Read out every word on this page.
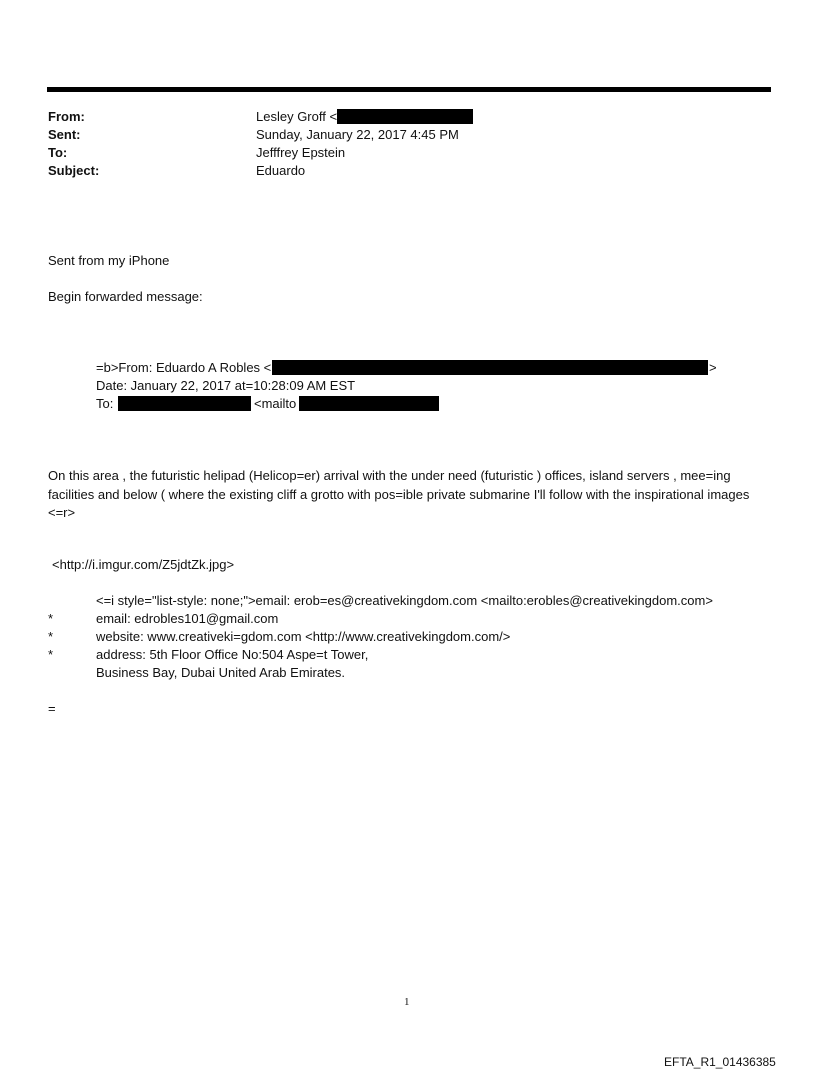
From:	Lesley Groff <
Sent:	Sunday, January 22, 2017 4:45 PM
To:	Jefffrey Epstein
Subject:	Eduardo
Sent from my iPhone
Begin forwarded message:
=b>From: Eduardo A Robles <	>
Date: January 22, 2017 at=10:28:09 AM EST
To:	<mailto
On this area , the futuristic helipad (Helicop=er) arrival with the under need (futuristic ) offices, island servers , mee=ing facilities and below ( where the existing cliff a grotto with pos=ible private submarine I'll follow with the inspirational images <=r>
<http://i.imgur.com/Z5jdtZk.jpg>
<=i style="list-style: none;">email: erob=es@creativekingdom.com <mailto:erobles@creativekingdom.com>
*	email: edrobles101@gmail.com
*	website: www.creativeki=gdom.com <http://www.creativekingdom.com/>
*	address: 5th Floor Office No:504 Aspe=t Tower,
Business Bay, Dubai United Arab Emirates.
=
1
EFTA_R1_01436385
